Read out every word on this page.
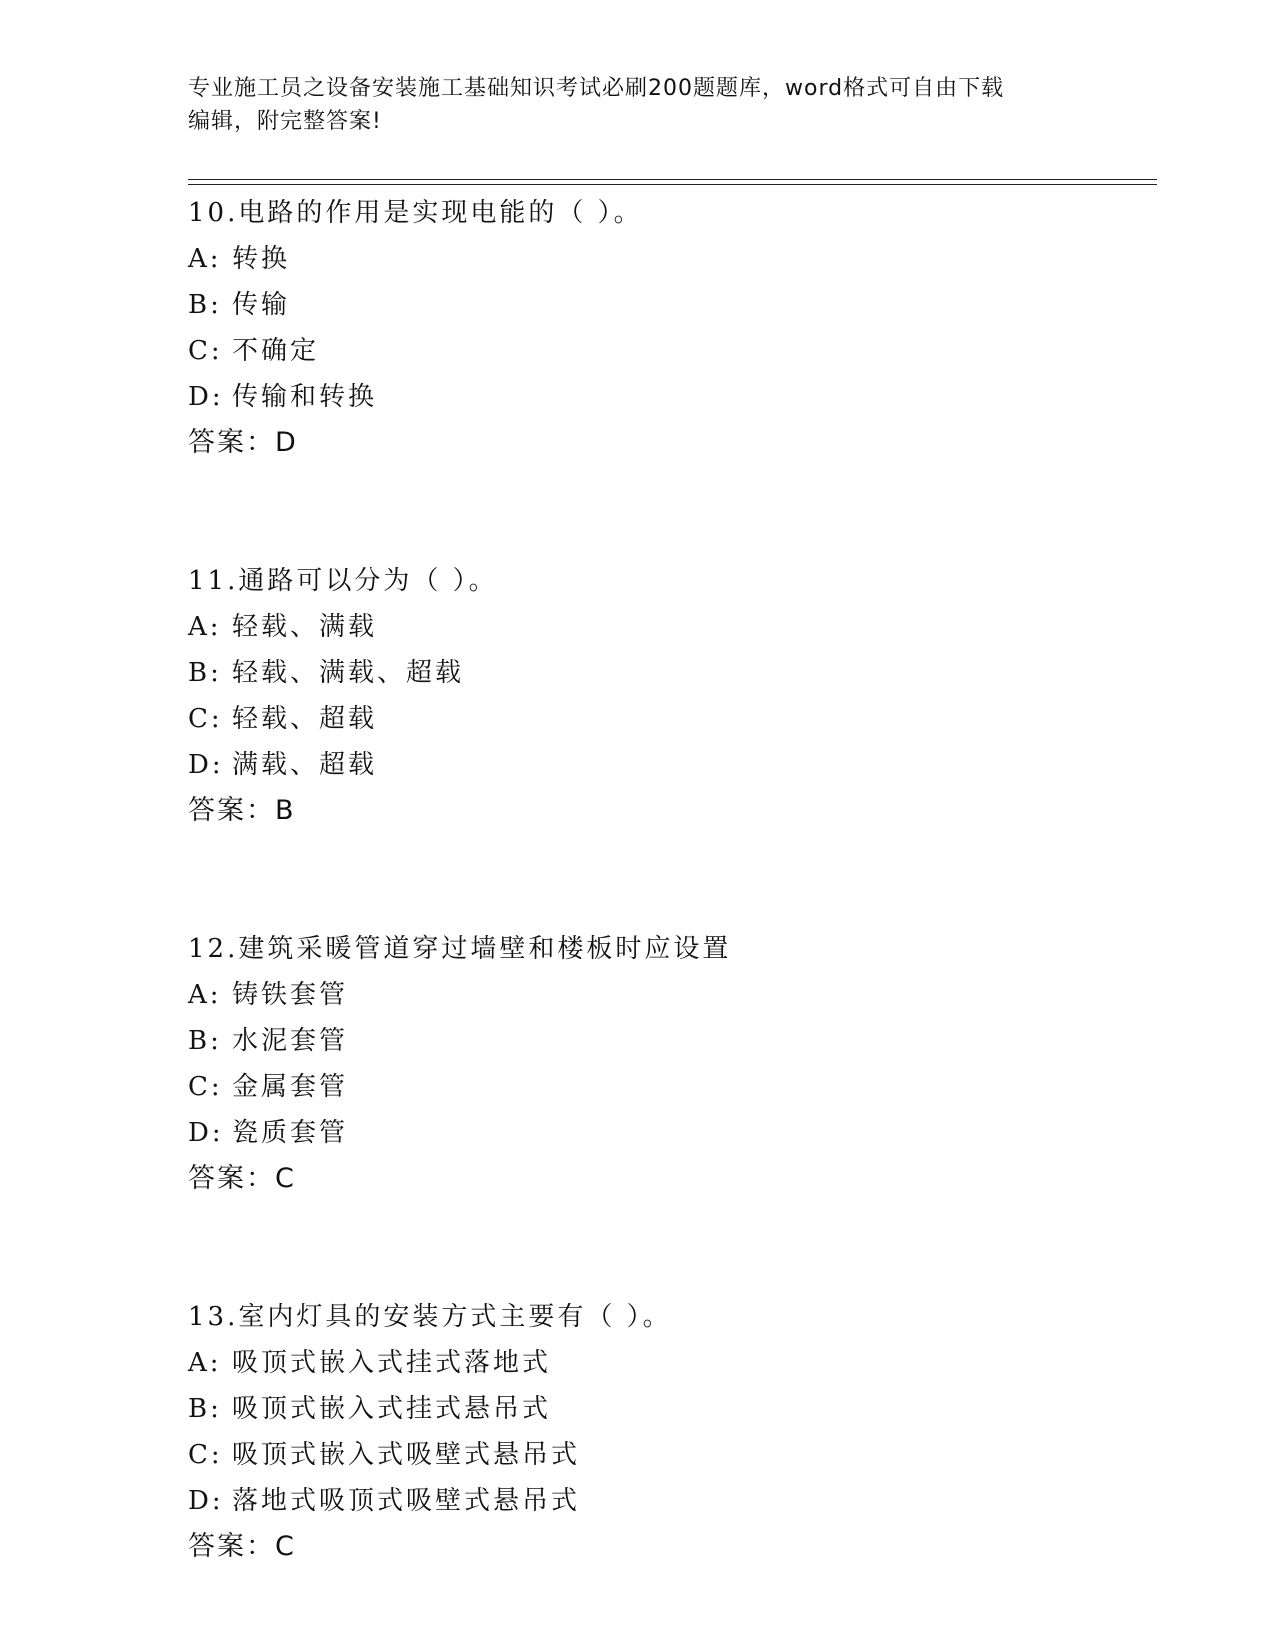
专业施工员之设备安装施工基础知识考试必刷200题题库，word格式可自由下载
编辑，附完整答案!
10.电路的作用是实现电能的（ ）。
A: 转换
B: 传输
C: 不确定
D: 传输和转换
答案：D
11.通路可以分为（ ）。
A: 轻载、满载
B: 轻载、满载、超载
C: 轻载、超载
D: 满载、超载
答案：B
12.建筑采暖管道穿过墙壁和楼板时应设置
A: 铸铁套管
B: 水泥套管
C: 金属套管
D: 瓷质套管
答案：C
13.室内灯具的安装方式主要有（ ）。
A: 吸顶式嵌入式挂式落地式
B: 吸顶式嵌入式挂式悬吊式
C: 吸顶式嵌入式吸壁式悬吊式
D: 落地式吸顶式吸壁式悬吊式
答案：C
